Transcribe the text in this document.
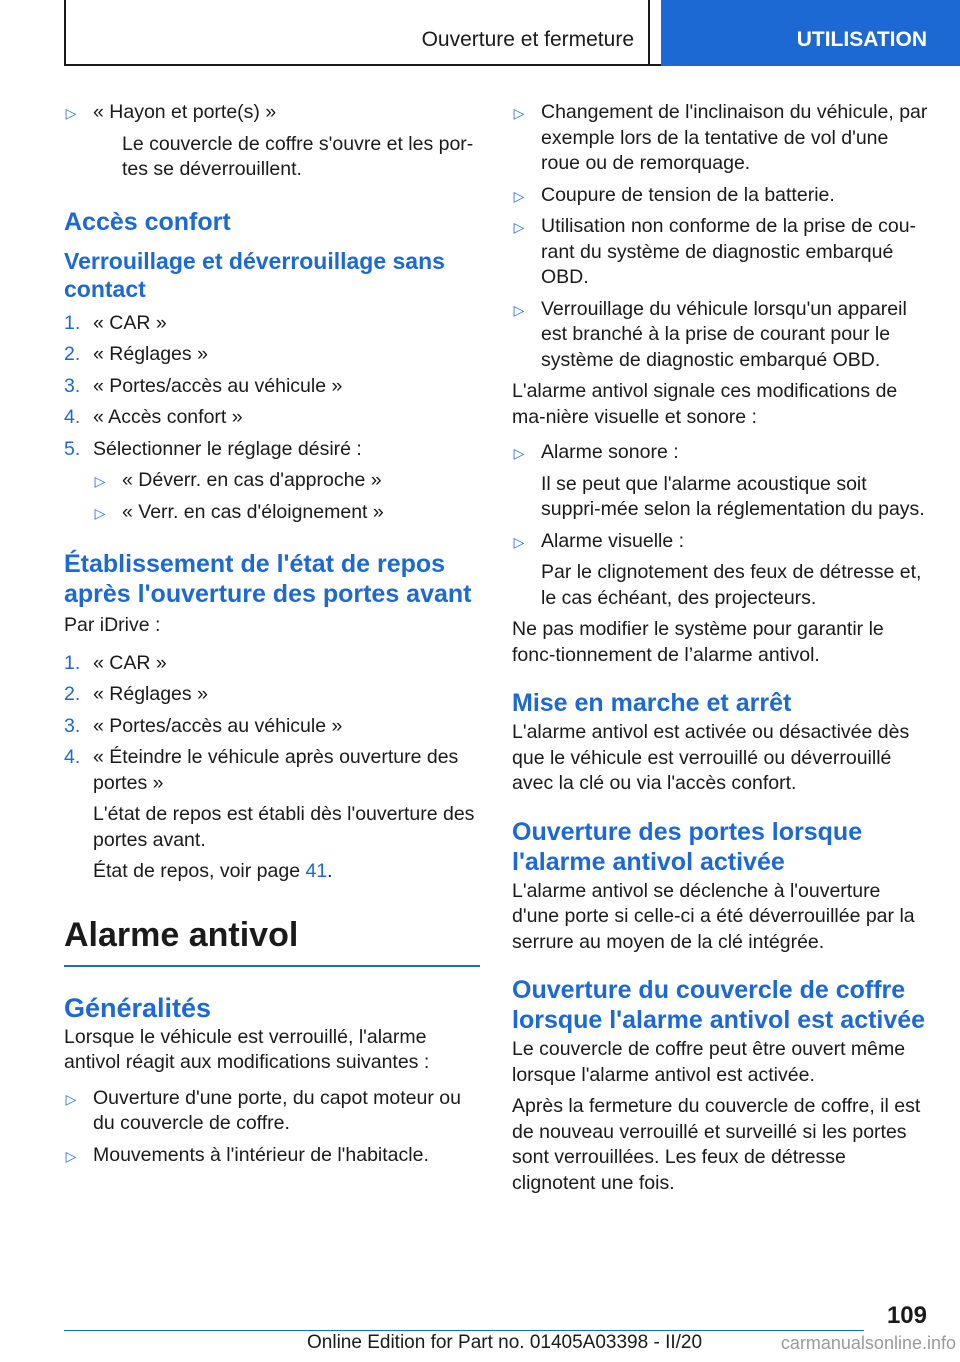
Ouverture et fermeture	UTILISATION
▷ « Hayon et porte(s) »
Le couvercle de coffre s'ouvre et les por-tes se déverrouillent.
Accès confort
Verrouillage et déverrouillage sans contact
1. « CAR »
2. « Réglages »
3. « Portes/accès au véhicule »
4. « Accès confort »
5. Sélectionner le réglage désiré :
▷ « Déverr. en cas d'approche »
▷ « Verr. en cas d'éloignement »
Établissement de l'état de repos après l'ouverture des portes avant

Par iDrive :

1. « CAR »
2. « Réglages »
3. « Portes/accès au véhicule »
4. « Éteindre le véhicule après ouverture des portes »
L'état de repos est établi dès l'ouverture des portes avant.
État de repos, voir page 41.
Alarme antivol
Généralités

Lorsque le véhicule est verrouillé, l'alarme antivol réagit aux modifications suivantes :

▷ Ouverture d'une porte, du capot moteur ou du couvercle de coffre.
▷ Mouvements à l'intérieur de l'habitacle.
▷ Changement de l'inclinaison du véhicule, par exemple lors de la tentative de vol d'une roue ou de remorquage.
▷ Coupure de tension de la batterie.
▷ Utilisation non conforme de la prise de cou-rant du système de diagnostic embarqué OBD.
▷ Verrouillage du véhicule lorsqu'un appareil est branché à la prise de courant pour le système de diagnostic embarqué OBD.

L'alarme antivol signale ces modifications de ma-nière visuelle et sonore :

▷ Alarme sonore :
Il se peut que l'alarme acoustique soit suppri-mée selon la réglementation du pays.
▷ Alarme visuelle :
Par le clignotement des feux de détresse et, le cas échéant, des projecteurs.

Ne pas modifier le système pour garantir le fonc-tionnement de l’alarme antivol.

Mise en marche et arrêt

L'alarme antivol est activée ou désactivée dès que le véhicule est verrouillé ou déverrouillé avec la clé ou via l'accès confort.

Ouverture des portes lorsque l'alarme antivol activée

L'alarme antivol se déclenche à l'ouverture d'une porte si celle-ci a été déverrouillée par la serrure au moyen de la clé intégrée.

Ouverture du couvercle de coffre lorsque l'alarme antivol est activée

Le couvercle de coffre peut être ouvert même lorsque l'alarme antivol est activée.

Après la fermeture du couvercle de coffre, il est de nouveau verrouillé et surveillé si les portes sont verrouillées. Les feux de détresse clignotent une fois.

109
Online Edition for Part no. 01405A03398 - II/20	carmanualsonline.info
